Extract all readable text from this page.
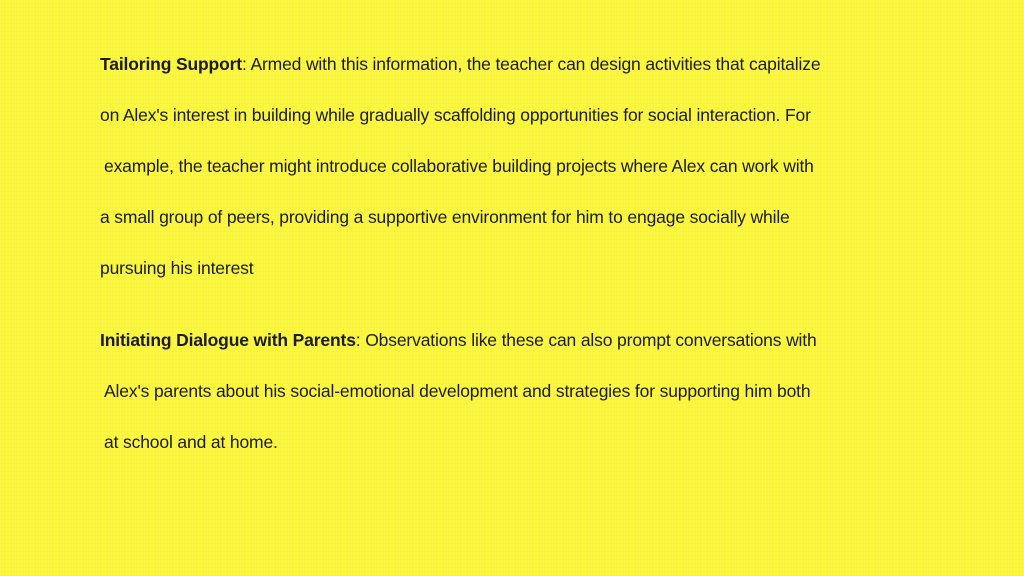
Tailoring Support: Armed with this information, the teacher can design activities that capitalize
on Alex's interest in building while gradually scaffolding opportunities for social interaction. For
example, the teacher might introduce collaborative building projects where Alex can work with
a small group of peers, providing a supportive environment for him to engage socially while
pursuing his interest
Initiating Dialogue with Parents: Observations like these can also prompt conversations with
Alex's parents about his social-emotional development and strategies for supporting him both
at school and at home.
